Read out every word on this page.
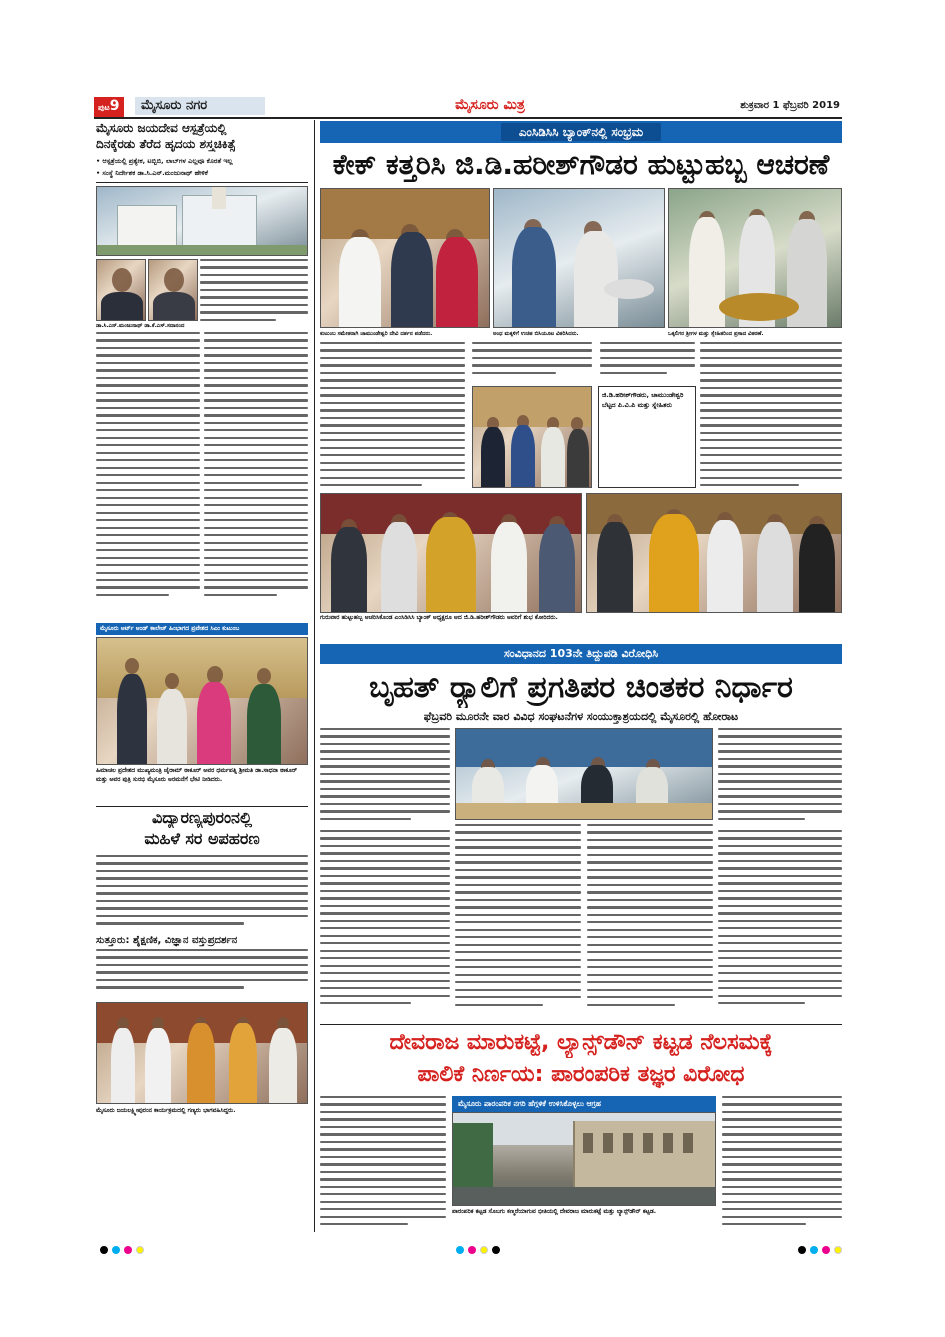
ಪುಟ9	ಮೈಸೂರು ನಗರ	ಮೈಸೂರು ಮಿತ್ರ	ಶುಕ್ರವಾರ 1 ಫೆಬ್ರವರಿ 2019
ಮೈಸೂರು ಜಯದೇವ ಆಸ್ಪತ್ರೆಯಲ್ಲಿ
ದಿನಕ್ಕೆರಡು ತೆರೆದ ಹೃದಯ ಶಸ್ತ್ರಚಿಕಿತ್ಸೆ
• ಆಸ್ಪತ್ರೆಯಲ್ಲಿ ಪ್ರತ್ಯೇಕ, ಟಬ್ಬಿಬಿ, ಲಾಬ್‌ಗಳ ಎಲ್ಲವೂ ಕೊರತೆ ಇಲ್ಲ
• ಸಂಸ್ಥೆ ನಿರ್ದೇಶಕ ಡಾ.ಸಿ.ಎನ್.ಮಂಜುನಾಥ್ ಹೇಳಿಕೆ
ಡಾ.ಸಿ.ಎನ್.ಮಂಜುನಾಥ್ ಡಾ.ಕೆ.ಎಸ್.ಸದಾನಂದ
ಮೈಸೂರು ಆರ್ಟ್ ಆಂಡ್ ಕಾಲೇಜ್ ಹಿಂಭಾಗದ ಪ್ರವೇಶದ ಸಿಎಂ ಕುಟುಂಬ
ಹಿಮಾಚಲ ಪ್ರದೇಶದ ಮುಖ್ಯಮಂತ್ರಿ ಜೈರಾಮ್ ಠಾಕೂರ್ ಅವರ ಧರ್ಮಪತ್ನಿ ಶ್ರೀಮತಿ ಡಾ.ಸಾಧನಾ ಠಾಕೂರ್ ಮತ್ತು ಅವರ ಪುತ್ರಿ ಸುರಭಿ ಮೈಸೂರು ಅರಮನೆಗೆ ಭೇಟಿ ನೀಡಿದರು.
ವಿದ್ಯಾರಣ್ಯಪುರಂನಲ್ಲಿ
ಮಹಿಳೆ ಸರ ಅಪಹರಣ
ಸುತ್ತೂರು: ಶೈಕ್ಷಣಿಕ, ವಿಜ್ಞಾನ ವಸ್ತುಪ್ರದರ್ಶನ
ಮೈಸೂರು ಜಯಲಕ್ಷ್ಮೀಪುರಂನ ಕಾರ್ಯಕ್ರಮದಲ್ಲಿ ಗಣ್ಯರು ಭಾಗವಹಿಸಿದ್ದರು.
ಎಂಸಿಡಿಸಿಸಿ ಬ್ಯಾಂಕ್‌ನಲ್ಲಿ ಸಂಭ್ರಮ
ಕೇಕ್ ಕತ್ತರಿಸಿ ಜಿ.ಡಿ.ಹರೀಶ್‌ಗೌಡರ ಹುಟ್ಟುಹಬ್ಬ ಆಚರಣೆ
ಕುಟುಂಬ ಸಮೇತರಾಗಿ ಚಾಮುಂಡೇಶ್ವರಿ ದೇವಿ ದರ್ಶನ ಪಡೆದರು.	ಅಂಧ ಮಕ್ಕಳಿಗೆ ಉಚಿತ ಬಿಸಿಯೂಟ ವಿತರಿಸಿದರು.	ಒಕ್ಕಲಿಗರ ಶ್ರೀಗಳ ಮತ್ತು ಸ್ನೇಹಿತರಿಂದ ಪ್ರಸಾದ ವಿತರಣೆ.
ಜಿ.ಡಿ.ಹರೀಶ್‌ಗೌಡರು, ಚಾಮುಂಡೇಶ್ವರಿ ಬೆಟ್ಟದ ಪಿ.ವಿ.ಪಿ ಮತ್ತು ಸ್ನೇಹಿತರು
ಗುರುವಾರ ಹುಟ್ಟುಹಬ್ಬ ಆಚರಿಸಿಕೊಂಡ ಎಂಸಿಡಿಸಿಸಿ ಬ್ಯಾಂಕ್ ಅಧ್ಯಕ್ಷರೂ ಆದ ಜಿ.ಡಿ.ಹರೀಶ್‌ಗೌಡರು ಅವರಿಗೆ ಶುಭ ಕೋರಿದರು.
ಸಂವಿಧಾನದ 103ನೇ ತಿದ್ದುಪಡಿ ವಿರೋಧಿಸಿ
ಬೃಹತ್ ರ್‍ಯಾಲಿಗೆ ಪ್ರಗತಿಪರ ಚಿಂತಕರ ನಿರ್ಧಾರ
ಫೆಬ್ರವರಿ ಮೂರನೇ ವಾರ ವಿವಿಧ ಸಂಘಟನೆಗಳ ಸಂಯುಕ್ತಾಶ್ರಯದಲ್ಲಿ ಮೈಸೂರಲ್ಲಿ ಹೋರಾಟ
ದೇವರಾಜ ಮಾರುಕಟ್ಟೆ, ಲ್ಯಾನ್ಸ್‌ಡೌನ್ ಕಟ್ಟಡ ನೆಲಸಮಕ್ಕೆ
ಪಾಲಿಕೆ ನಿರ್ಣಯ: ಪಾರಂಪರಿಕ ತಜ್ಞರ ವಿರೋಧ
ಮೈಸೂರು ಪಾರಂಪರಿಕ ನಗರಿ ಹೆಗ್ಗಳಿಕೆ ಉಳಿಸಿಕೊಳ್ಳಲು ಆಗ್ರಹ
ಪಾರಂಪರಿಕ ಕಟ್ಟಡ ಸೊಬಗು ಕಣ್ಮರೆಯಾಗುವ ಭೀತಿಯಲ್ಲಿ ದೇವರಾಜ ಮಾರುಕಟ್ಟೆ ಮತ್ತು ಲ್ಯಾನ್ಸ್‌ಡೌನ್ ಕಟ್ಟಡ.
